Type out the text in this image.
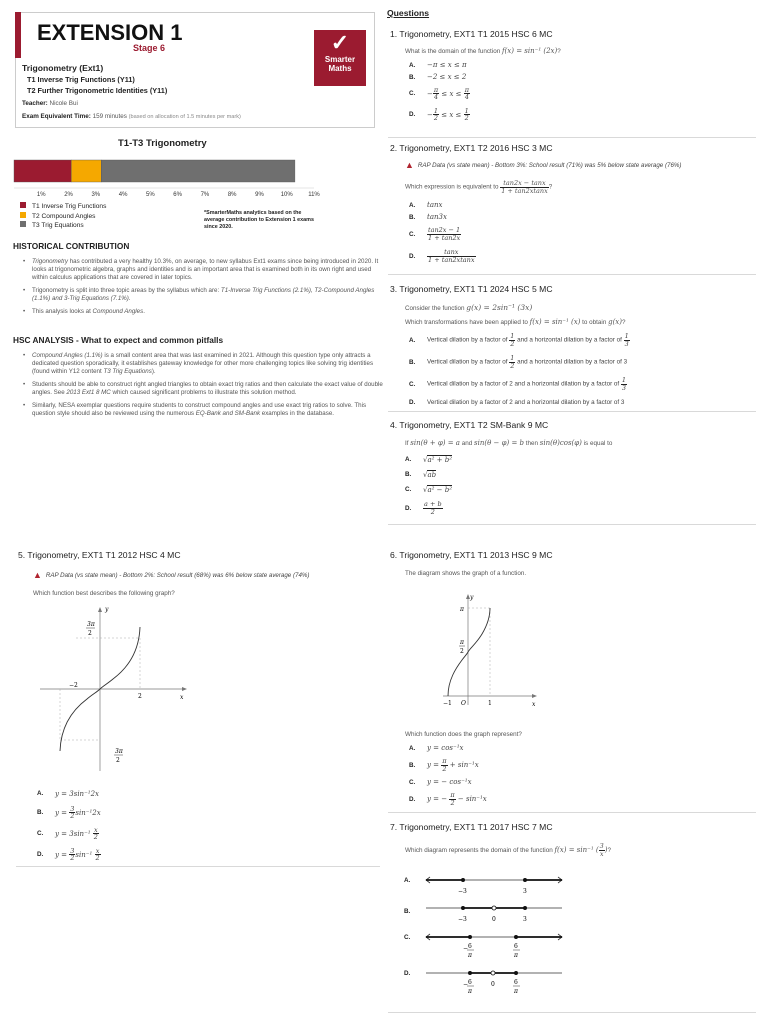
EXTENSION 1
Stage 6
Trigonometry (Ext1)
T1 Inverse Trig Functions (Y11)
T2 Further Trigonometric Identities (Y11)
Teacher: Nicole Bui
Exam Equivalent Time: 159 minutes (based on allocation of 1.5 minutes per mark)
✓
Smarter
Maths
T1-T3 Trigonometry
1%	2%	3%	4%	5%	6%	7%	8%	9%	10%	11%
T1 Inverse Trig Functions
T2 Compound Angles
T3 Trig Equations
*SmarterMaths analytics based on the average contribution to Extension 1 exams since 2020.
HISTORICAL CONTRIBUTION
• Trigonometry has contributed a very healthy 10.3%, on average, to new syllabus Ext1 exams since being introduced in 2020. It looks at trigonometric algebra, graphs and identities and is an important area that is examined both in its own right and used within calculus applications that are covered in later topics.
• Trigonometry is split into three topic areas by the syllabus which are: T1-Inverse Trig Functions (2.1%), T2-Compound Angles (1.1%) and 3-Trig Equations (7.1%).
• This analysis looks at Compound Angles.
HSC ANALYSIS - What to expect and common pitfalls
• Compound Angles (1.1%) is a small content area that was last examined in 2021. Although this question type only attracts a dedicated question sporadically, it establishes gateway knowledge for other more challenging topics like solving trig identities (found within Y12 content T3 Trig Equations).
• Students should be able to construct right angled triangles to obtain exact trig ratios and then calculate the exact value of double angles. See 2013 Ext1 8 MC which caused significant problems to illustrate this solution method.
• Similarly, NESA exemplar questions require students to construct compound angles and use exact trig ratios to solve. This question style should also be reviewed using the numerous EQ-Bank and SM-Bank examples in the database.
Questions
1. Trigonometry, EXT1 T1 2015 HSC 6 MC
What is the domain of the function f(x) = sin⁻¹ (2x)?
A.	−π ≤ x ≤ π
B.	−2 ≤ x ≤ 2
C.	− $\frac{\pi}{4} \le x \le \frac{\pi}{4}$
D.	− $\frac{1}{2} \le x \le \frac{1}{2}$
2. Trigonometry, EXT1 T2 2016 HSC 3 MC
▲ RAP Data (vs state mean) - Bottom 3%: School result (71%) was 5% below state average (76%)
Which expression is equivalent to $\frac{\tan 2x - \tan x}{1 + \tan 2xtanx}$ ?
A.	tanx
B.	tan3x
C.	$\frac{\tan 2x - 1}{1 + \tan 2x}$
D.	$\frac{\tan x}{1 + \tan 2xtanx}$
3. Trigonometry, EXT1 T1 2024 HSC 5 MC
Consider the function g(x) = 2sin⁻¹ (3x)
Which transformations have been applied to f(x) = sin⁻¹ (x) to obtain g(x)?
A.	Vertical dilation by a factor of $\frac{1}{2}$ and a horizontal dilation by a factor of $\frac{1}{3}$
B.	Vertical dilation by a factor of $\frac{1}{2}$ and a horizontal dilation by a factor of 3
C.	Vertical dilation by a factor of 2 and a horizontal dilation by a factor of $\frac{1}{3}$
D.	Vertical dilation by a factor of 2 and a horizontal dilation by a factor of 3
4. Trigonometry, EXT1 T2 SM-Bank 9 MC
If sin(θ + φ) = a and sin(θ − φ) = b then sin(θ)cos(φ) is equal to
A.	√a² + b²
B.	√ab
C.	√a² − b²
D.	$\frac{a + b}{2}$
5. Trigonometry, EXT1 T1 2012 HSC 4 MC
▲ RAP Data (vs state mean) - Bottom 2%: School result (68%) was 6% below state average (74%)
Which function best describes the following graph?
y
x
−2
2
3π
2
3π
2
A.	y = 3sin⁻¹2x
B.	$y = \frac{3}{2} \sin^{-1}2x$
C.	$y = 3\sin^{-1} \frac{x}{2}$
D.	$y = \frac{3}{2} \sin^{-1} \frac{x}{2}$
6. Trigonometry, EXT1 T1 2013 HSC 9 MC
The diagram shows the graph of a function.
y
x
π
π
2
−1 O	1
Which function does the graph represent?
A.	y = cos⁻¹x
B.	$y = \frac{\pi}{2} + \sin^{-1}x$
C.	y = − cos⁻¹x
D.	y = − $\frac{\pi}{2} - \sin^{-1}x$
7. Trigonometry, EXT1 T1 2017 HSC 7 MC
Which diagram represents the domain of the function f(x) = sin⁻¹ ( $\frac{3}{x}$ )?
A.
−3	3
B.
−3	0	3
C.
− 6
π
6
π
D.
− 6
π
0	6
π
